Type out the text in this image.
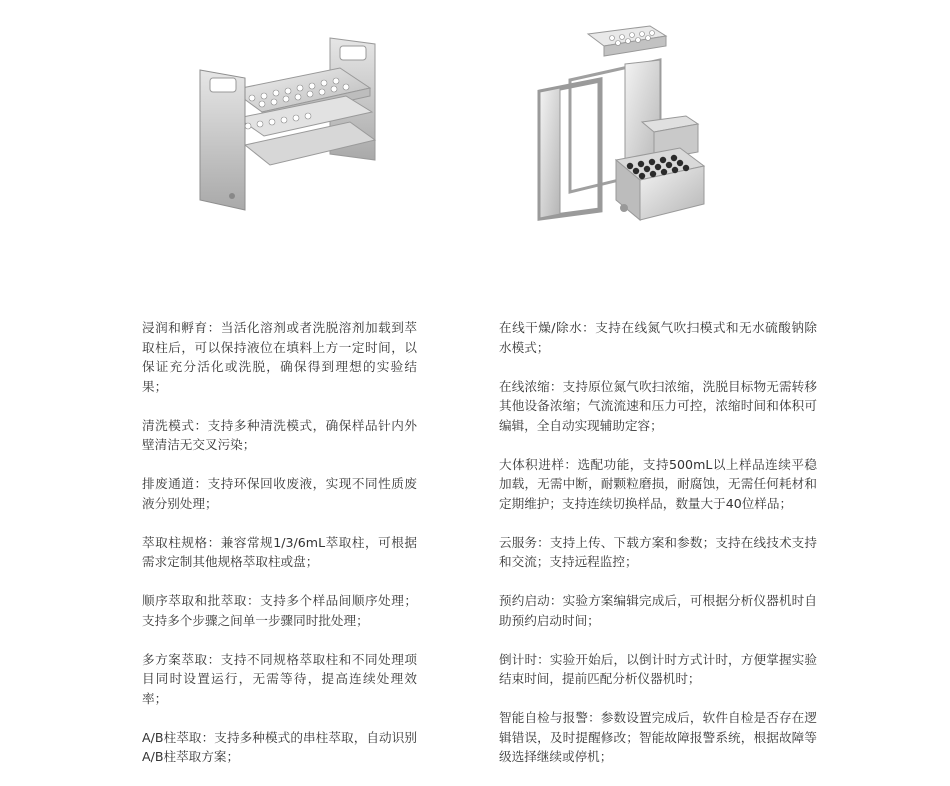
浸润和孵育：当活化溶剂或者洗脱溶剂加载到萃取柱后，可以保持液位在填料上方一定时间，以保证充分活化或洗脱，确保得到理想的实验结果；

清洗模式：支持多种清洗模式，确保样品针内外壁清洁无交叉污染；

排废通道：支持环保回收废液，实现不同性质废液分别处理；

萃取柱规格：兼容常规1/3/6mL萃取柱，可根据需求定制其他规格萃取柱或盘；

顺序萃取和批萃取：支持多个样品间顺序处理；支持多个步骤之间单一步骤同时批处理；

多方案萃取：支持不同规格萃取柱和不同处理项目同时设置运行，无需等待，提高连续处理效率；

A/B柱萃取：支持多种模式的串柱萃取，自动识别A/B柱萃取方案；

在线干燥/除水：支持在线氮气吹扫模式和无水硫酸钠除水模式；

在线浓缩：支持原位氮气吹扫浓缩，洗脱目标物无需转移其他设备浓缩；气流流速和压力可控，浓缩时间和体积可编辑，全自动实现辅助定容；

大体积进样：选配功能，支持500mL以上样品连续平稳加载，无需中断，耐颗粒磨损，耐腐蚀，无需任何耗材和定期维护；支持连续切换样品，数量大于40位样品；

云服务：支持上传、下载方案和参数；支持在线技术支持和交流；支持远程监控；

预约启动：实验方案编辑完成后，可根据分析仪器机时自助预约启动时间；

倒计时：实验开始后，以倒计时方式计时，方便掌握实验结束时间，提前匹配分析仪器机时；

智能自检与报警：参数设置完成后，软件自检是否存在逻辑错误，及时提醒修改；智能故障报警系统，根据故障等级选择继续或停机；
